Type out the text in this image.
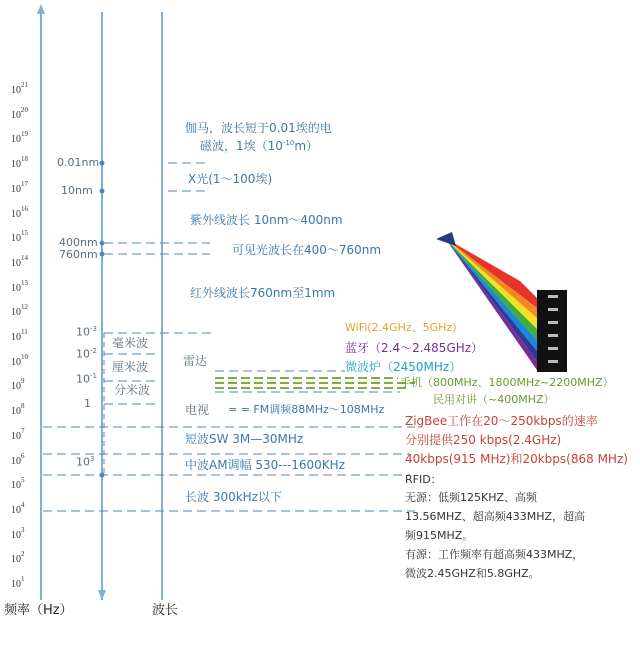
$10^1$
$10^2$
$10^3$
$10^4$
$10^5$
$10^6$
$10^7$
$10^8$
$10^9$
$10^{10}$
$10^{11}$
$10^{12}$
$10^{13}$
$10^{14}$
$10^{15}$
$10^{16}$
$10^{17}$
$10^{18}$
$10^{19}$
$10^{20}$
$10^{21}$
频率（Hz）	波长
0.01nm
10nm
400nm
760nm
$10^{-3}$
$10^{-2}$
$10^{-1}$
1
$10^3$
伽马，波长短于0.01埃的电
磁波，1埃$(10^{-10}m)$
X光(1～100埃)
紫外线波长 10nm～400nm
可见光波长在400～760nm
红外线波长760nm至1mm
毫米波
厘米波
分米波
雷达
电视 = = FM调频88MHz～108MHz
短波SW 3M—30MHz
中波AM调幅 530---1600KHz
长波 300kHz以下
WiFi(2.4GHz、5GHz)
蓝牙（2.4～2.485GHz）
微波炉（2450MHz）
手机（800MHz、1800MHz~2200MHZ）
民用对讲（~400MHZ）
ZigBee工作在20～250kbps的速率
分别提供250 kbps(2.4GHz)
40kbps(915 MHz)和20kbps(868 MHz)
RFID：
无源：低频125KHZ、高频
13.56MHZ、超高频433MHZ，超高
频915MHZ。
有源：工作频率有超高频433MHZ，
微波2.45GHZ和5.8GHZ。
